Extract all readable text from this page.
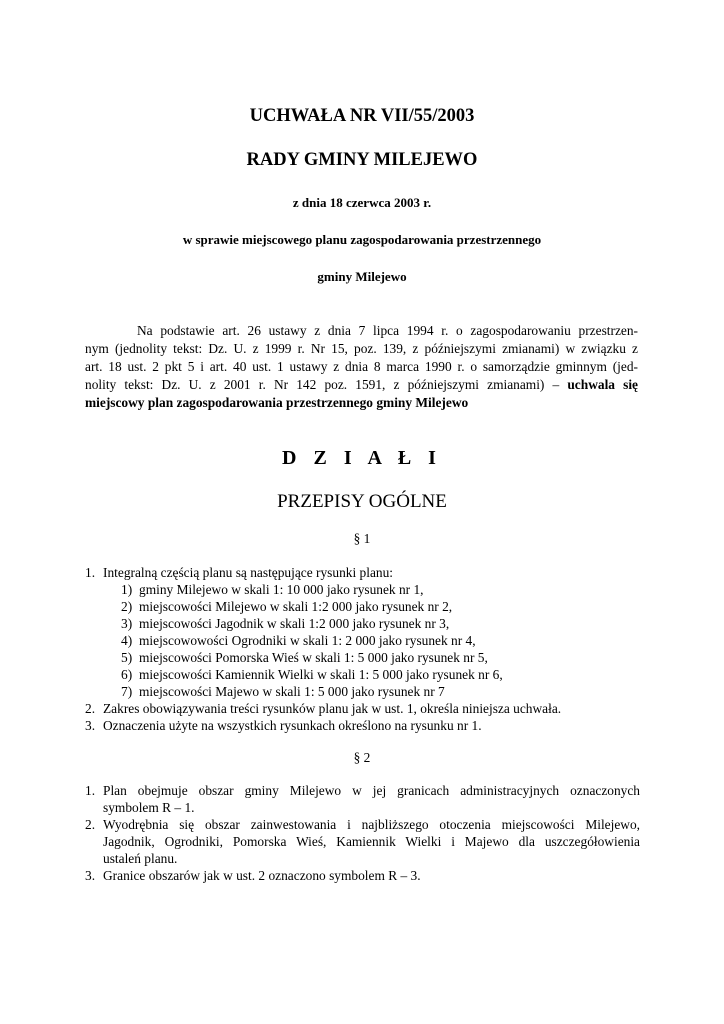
UCHWAŁA NR VII/55/2003
RADY GMINY MILEJEWO
z dnia 18 czerwca 2003 r.
w sprawie miejscowego planu zagospodarowania przestrzennego
gminy Milejewo
Na podstawie art. 26 ustawy z dnia 7 lipca 1994 r. o zagospodarowaniu przestrzen-
nym (jednolity tekst: Dz. U. z 1999 r. Nr 15, poz. 139, z późniejszymi zmianami) w związku z
art. 18 ust. 2 pkt 5 i art. 40 ust. 1 ustawy z dnia 8 marca 1990 r. o samorządzie gminnym (jed-
nolity tekst: Dz. U. z 2001 r. Nr 142 poz. 1591, z późniejszymi zmianami) – uchwala się
miejscowy plan zagospodarowania przestrzennego gminy Milejewo
D Z I A Ł I
PRZEPISY OGÓLNE
§ 1
1. Integralną częścią planu są następujące rysunki planu:
1) gminy Milejewo w skali 1: 10 000 jako rysunek nr 1,
2) miejscowości Milejewo w skali 1:2 000 jako rysunek nr 2,
3) miejscowości Jagodnik w skali 1:2 000 jako rysunek nr 3,
4) miejscowowości Ogrodniki w skali 1: 2 000 jako rysunek nr 4,
5) miejscowości Pomorska Wieś w skali 1: 5 000 jako rysunek nr 5,
6) miejscowości Kamiennik Wielki w skali 1: 5 000 jako rysunek nr 6,
7) miejscowości Majewo w skali 1: 5 000 jako rysunek nr 7
2. Zakres obowiązywania treści rysunków planu jak w ust. 1, określa niniejsza uchwała.
3. Oznaczenia użyte na wszystkich rysunkach określono na rysunku nr 1.
§ 2
1. Plan obejmuje obszar gminy Milejewo w jej granicach administracyjnych oznaczonych
symbolem R – 1.
2. Wyodrębnia się obszar zainwestowania i najbliższego otoczenia miejscowości Milejewo,
Jagodnik, Ogrodniki, Pomorska Wieś, Kamiennik Wielki i Majewo dla uszczegółowienia
ustaleń planu.
3. Granice obszarów jak w ust. 2 oznaczono symbolem R – 3.
